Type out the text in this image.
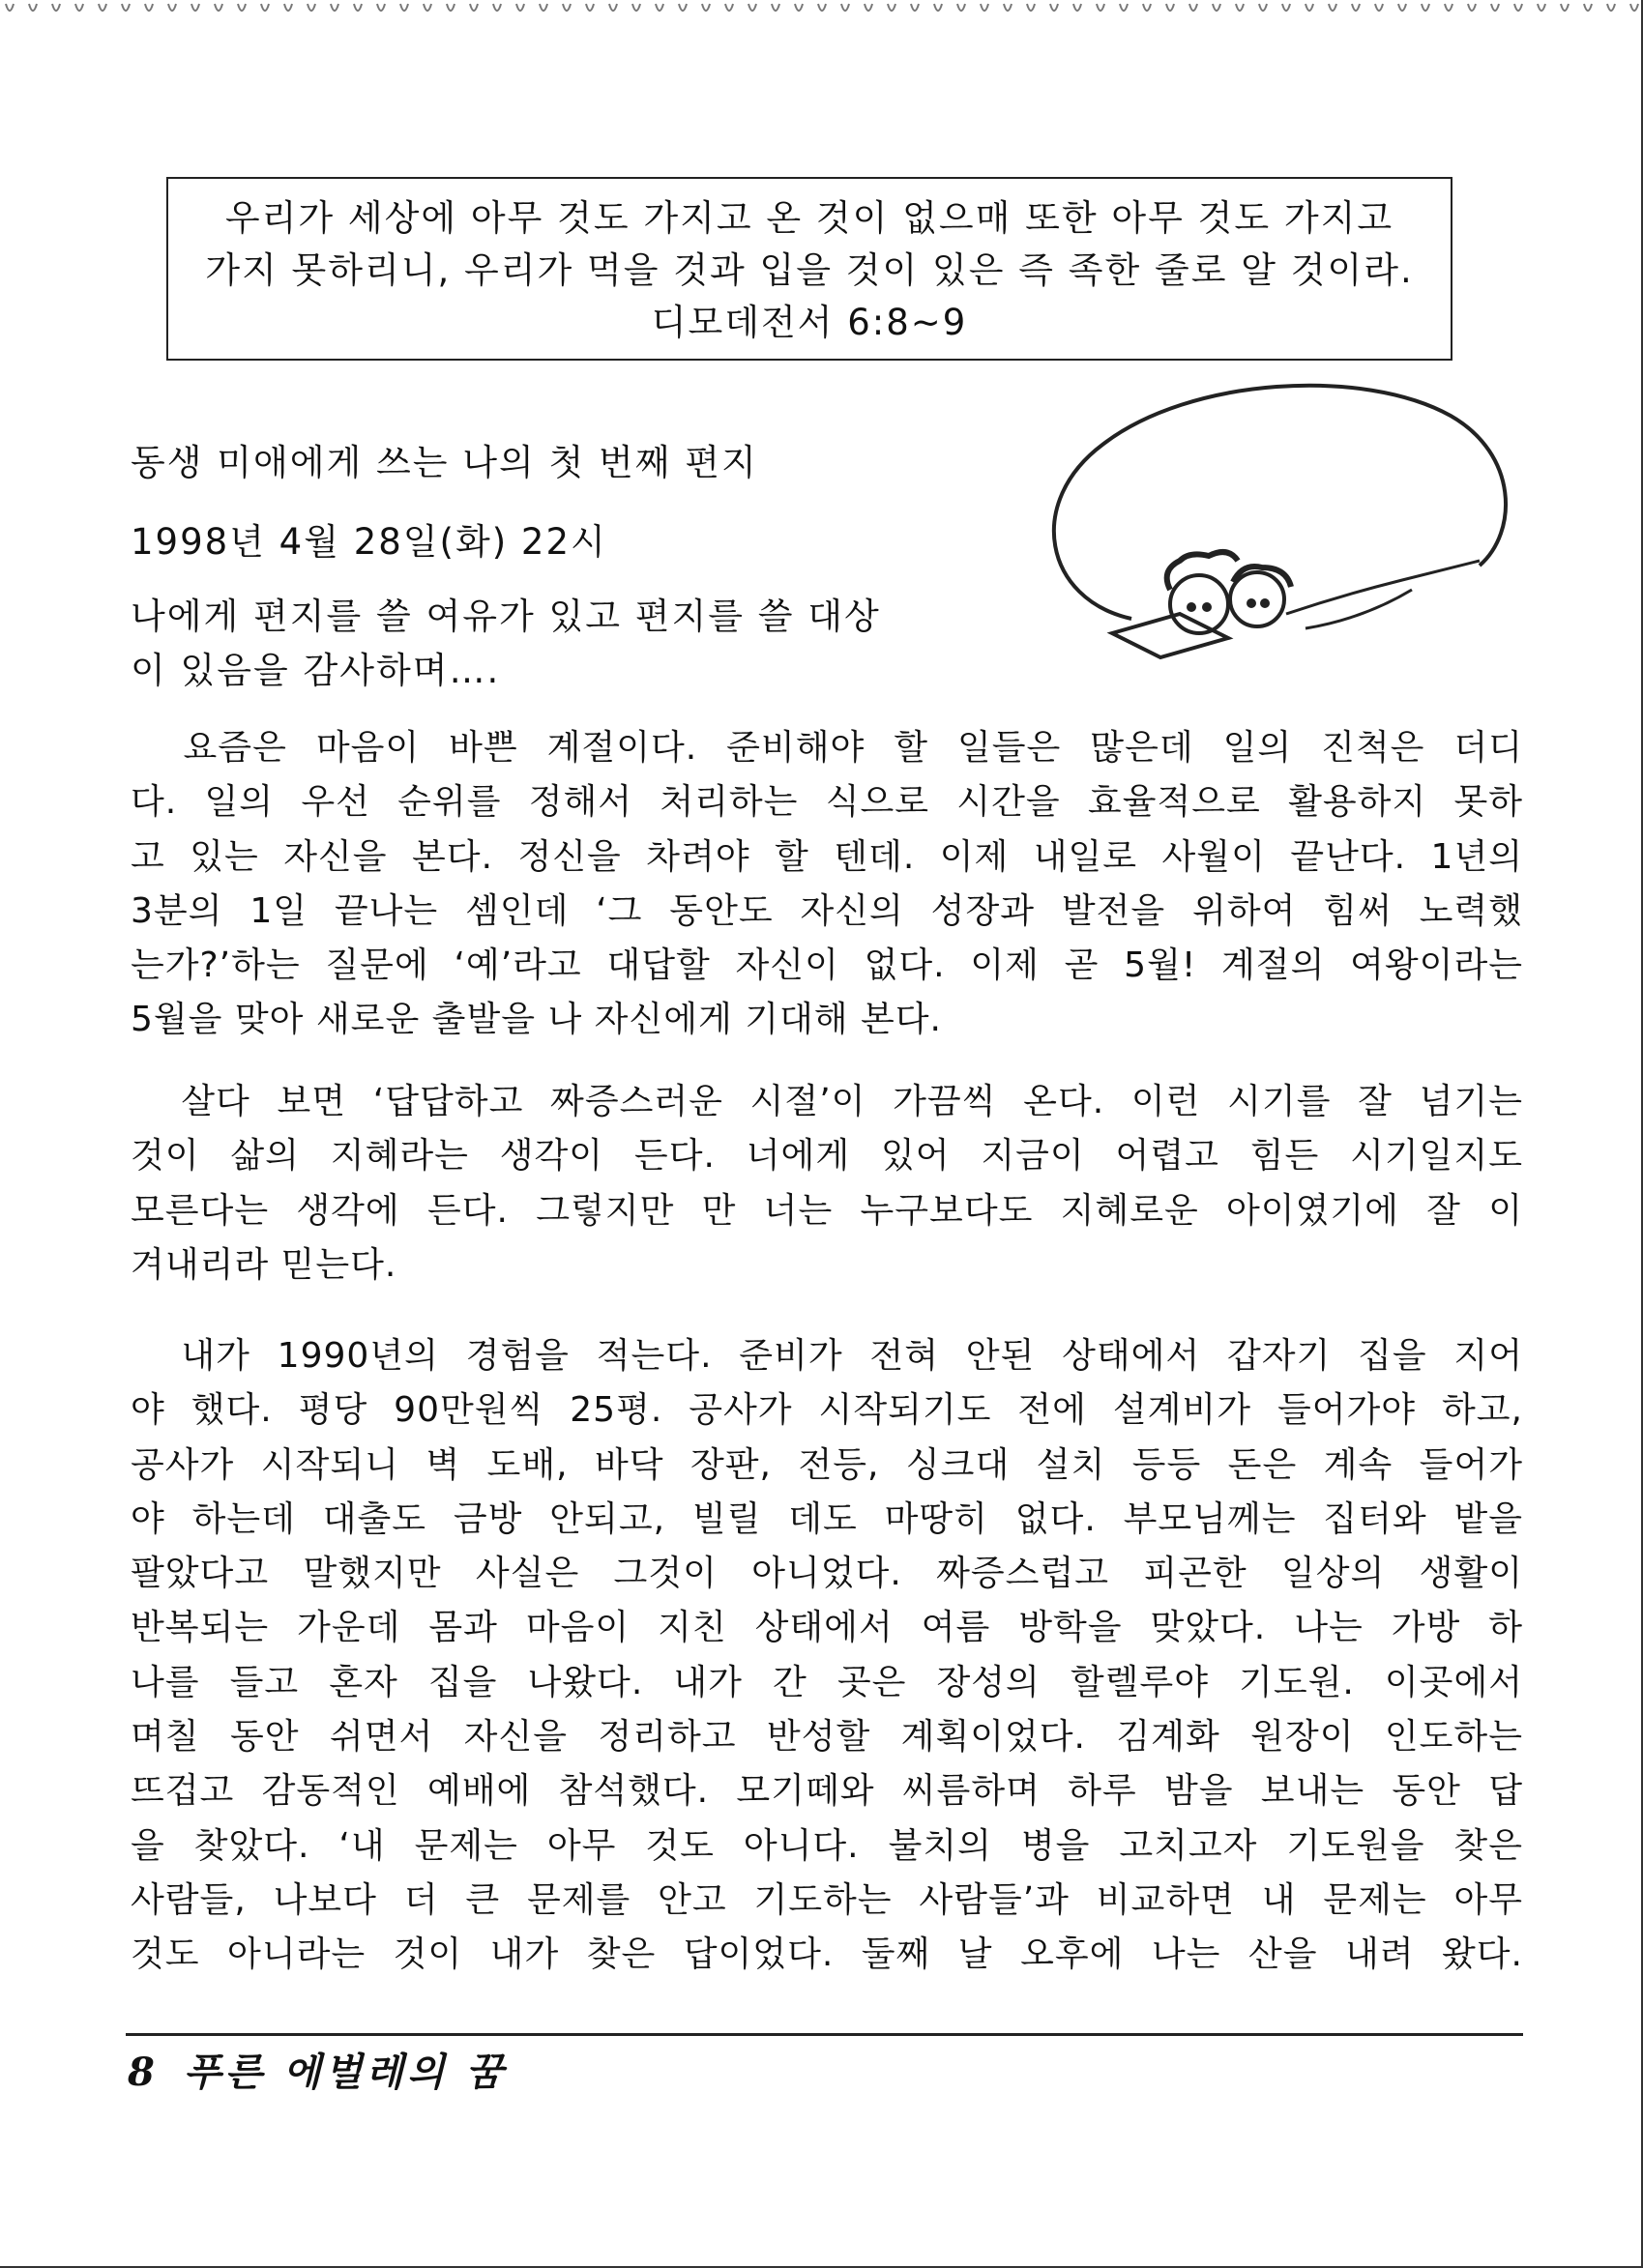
우리가 세상에 아무 것도 가지고 온 것이 없으매 또한 아무 것도 가지고
가지 못하리니, 우리가 먹을 것과 입을 것이 있은 즉 족한 줄로 알 것이라.
디모데전서 6:8~9
동생 미애에게 쓰는 나의 첫 번째 편지
1998년 4월 28일(화) 22시
나에게 편지를 쓸 여유가 있고 편지를 쓸 대상
이 있음을 감사하며….
　요즘은 마음이 바쁜 계절이다. 준비해야 할 일들은 많은데 일의 진척은 더디
다. 일의 우선 순위를 정해서 처리하는 식으로 시간을 효율적으로 활용하지 못하
고 있는 자신을 본다. 정신을 차려야 할 텐데. 이제 내일로 사월이 끝난다. 1년의
3분의 1일 끝나는 셈인데 ‘그 동안도 자신의 성장과 발전을 위하여 힘써 노력했
는가?’하는 질문에 ‘예’라고 대답할 자신이 없다. 이제 곧 5월! 계절의 여왕이라는
5월을 맞아 새로운 출발을 나 자신에게 기대해 본다.
　살다 보면 ‘답답하고 짜증스러운 시절’이 가끔씩 온다. 이런 시기를 잘 넘기는
것이 삶의 지혜라는 생각이 든다. 너에게 있어 지금이 어렵고 힘든 시기일지도
모른다는 생각에 든다. 그렇지만 만 너는 누구보다도 지혜로운 아이였기에 잘 이
겨내리라 믿는다.
　내가 1990년의 경험을 적는다. 준비가 전혀 안된 상태에서 갑자기 집을 지어
야 했다. 평당 90만원씩 25평. 공사가 시작되기도 전에 설계비가 들어가야 하고,
공사가 시작되니 벽 도배, 바닥 장판, 전등, 싱크대 설치 등등 돈은 계속 들어가
야 하는데 대출도 금방 안되고, 빌릴 데도 마땅히 없다. 부모님께는 집터와 밭을
팔았다고 말했지만 사실은 그것이 아니었다. 짜증스럽고 피곤한 일상의 생활이
반복되는 가운데 몸과 마음이 지친 상태에서 여름 방학을 맞았다. 나는 가방 하
나를 들고 혼자 집을 나왔다. 내가 간 곳은 장성의 할렐루야 기도원. 이곳에서
며칠 동안 쉬면서 자신을 정리하고 반성할 계획이었다. 김계화 원장이 인도하는
뜨겁고 감동적인 예배에 참석했다. 모기떼와 씨름하며 하루 밤을 보내는 동안 답
을 찾았다. ‘내 문제는 아무 것도 아니다. 불치의 병을 고치고자 기도원을 찾은
사람들, 나보다 더 큰 문제를 안고 기도하는 사람들’과 비교하면 내 문제는 아무
것도 아니라는 것이 내가 찾은 답이었다. 둘째 날 오후에 나는 산을 내려 왔다.
8 푸른 에벌레의 꿈
